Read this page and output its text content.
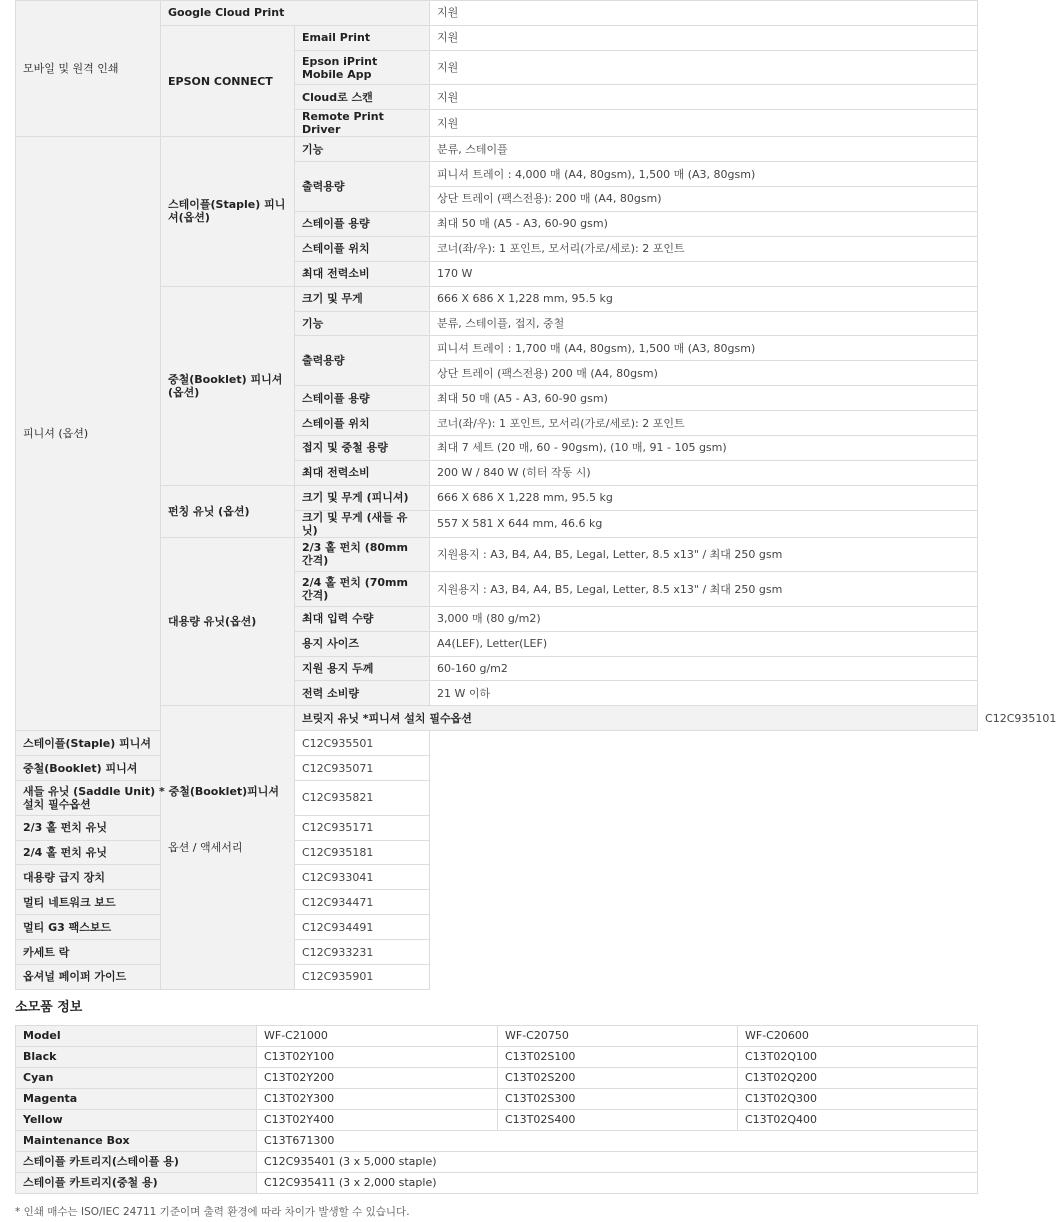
모바일 및 원격 인쇄	Google Cloud Print		지원	
	EPSON CONNECT	Email Print	지원	
		Epson iPrint Mobile App	지원	
		Cloud로 스캔	지원	
		Remote Print Driver	지원	
피니셔 (옵션)	스테이플(Staple) 피니셔(옵션)	기능	분류, 스테이플	
		출력용량	피니셔 트레이 : 4,000 매 (A4, 80gsm), 1,500 매 (A3, 80gsm)	
			상단 트레이 (팩스전용): 200 매 (A4, 80gsm)	
		스테이플 용량	최대 50 매 (A5 - A3, 60-90 gsm)	
		스테이플 위치	코너(좌/우): 1 포인트, 모서리(가로/세로): 2 포인트	
		최대 전력소비	170 W	
	중철(Booklet) 피니셔(옵션)	크기 및 무게	666 X 686 X 1,228 mm, 95.5 kg	
		기능	분류, 스테이플, 접지, 중철	
		출력용량	피니셔 트레이 : 1,700 매 (A4, 80gsm), 1,500 매 (A3, 80gsm)	
			상단 트레이 (팩스전용) 200 매 (A4, 80gsm)	
		스테이플 용량	최대 50 매 (A5 - A3, 60-90 gsm)	
		스테이플 위치	코너(좌/우): 1 포인트, 모서리(가로/세로): 2 포인트	
		접지 및 중철 용량	최대 7 세트 (20 매, 60 - 90gsm), (10 매, 91 - 105 gsm)	
		최대 전력소비	200 W / 840 W (히터 작동 시)	
	펀칭 유닛 (옵션)	크기 및 무게 (피니셔)	666 X 686 X 1,228 mm, 95.5 kg	
		크기 및 무게 (새들 유닛)	557 X 581 X 644 mm, 46.6 kg	
	대용량 유닛(옵션)	2/3 홀 펀치 (80mm 간격)	지원용지 : A3, B4, A4, B5, Legal, Letter, 8.5 x13" / 최대 250 gsm	
		2/4 홀 펀치 (70mm 간격)	지원용지 : A3, B4, A4, B5, Legal, Letter, 8.5 x13" / 최대 250 gsm	
		최대 입력 수량	3,000 매 (80 g/m2)	
		용지 사이즈	A4(LEF), Letter(LEF)	
		지원 용지 두께	60-160 g/m2	
		전력 소비량	21 W 이하	
	옵션 / 액세서리	브릿지 유닛 *피니셔 설치 필수옵션		C12C935101
스테이플(Staple) 피니셔		C12C935501		
중철(Booklet) 피니셔		C12C935071		
새들 유닛 (Saddle Unit) * 중철(Booklet)피니셔 설치 필수옵션		C12C935821		
2/3 홀 펀치 유닛		C12C935171		
2/4 홀 펀치 유닛		C12C935181		
대용량 급지 장치		C12C933041		
멀티 네트워크 보드		C12C934471		
멀티 G3 팩스보드		C12C934491		
카세트 락		C12C933231		
옵셔널 페이퍼 가이드		C12C935901		
소모품 정보
Model	WF-C21000	WF-C20750	WF-C20600
Black	C13T02Y100	C13T02S100	C13T02Q100
Cyan	C13T02Y200	C13T02S200	C13T02Q200
Magenta	C13T02Y300	C13T02S300	C13T02Q300
Yellow	C13T02Y400	C13T02S400	C13T02Q400
Maintenance Box	C13T671300		
스테이플 카트리지(스테이플 용)	C12C935401 (3 x 5,000 staple)		
스테이플 카트리지(중철 용)	C12C935411 (3 x 2,000 staple)		
* 인쇄 매수는 ISO/IEC 24711 기준이며 출력 환경에 따라 차이가 발생할 수 있습니다.
